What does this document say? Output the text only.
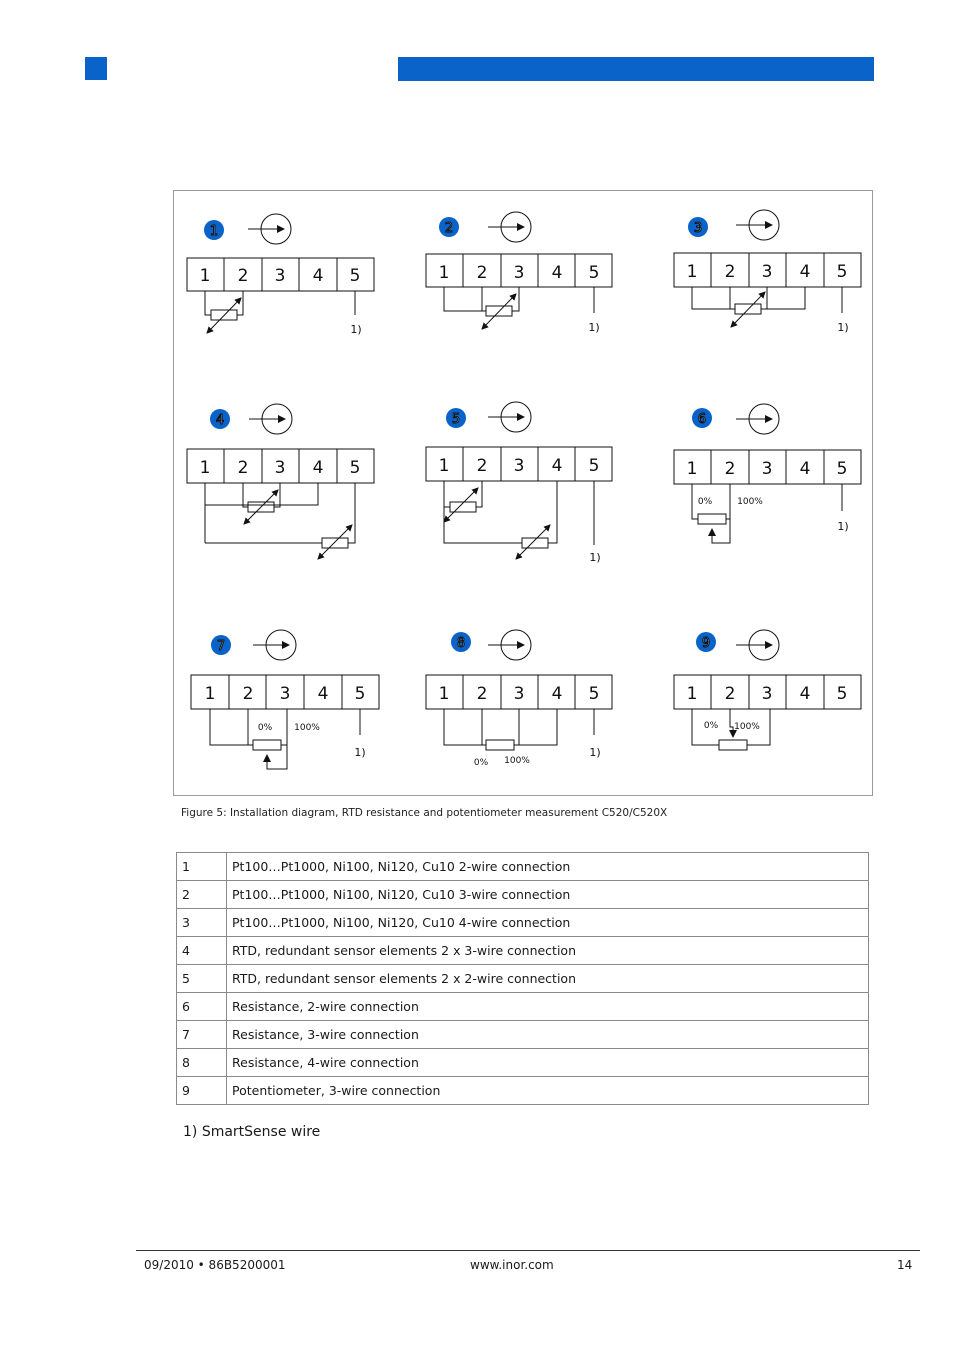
1
1 2 3 4 5
1)
2
1 2 3 4 5
1)
3
1 2 3 4 5
1)
4
1 2 3 4 5
5
1 2 3 4 5
1)
6
1 2 3 4 5
0%	100%
1)
7
1 2 3 4 5
0% 100%
1)
8
1 2 3 4 5
0% 100%
1)
9
1 2 3 4 5
0% 100%
Figure 5: Installation diagram, RTD resistance and potentiometer measurement C520/C520X
1	Pt100…Pt1000, Ni100, Ni120, Cu10 2-wire connection
2	Pt100…Pt1000, Ni100, Ni120, Cu10 3-wire connection
3	Pt100…Pt1000, Ni100, Ni120, Cu10 4-wire connection
4	RTD, redundant sensor elements 2 x 3-wire connection
5	RTD, redundant sensor elements 2 x 2-wire connection
6	Resistance, 2-wire connection
7	Resistance, 3-wire connection
8	Resistance, 4-wire connection
9	Potentiometer, 3-wire connection
1) SmartSense wire
09/2010 • 86B5200001	www.inor.com	14
